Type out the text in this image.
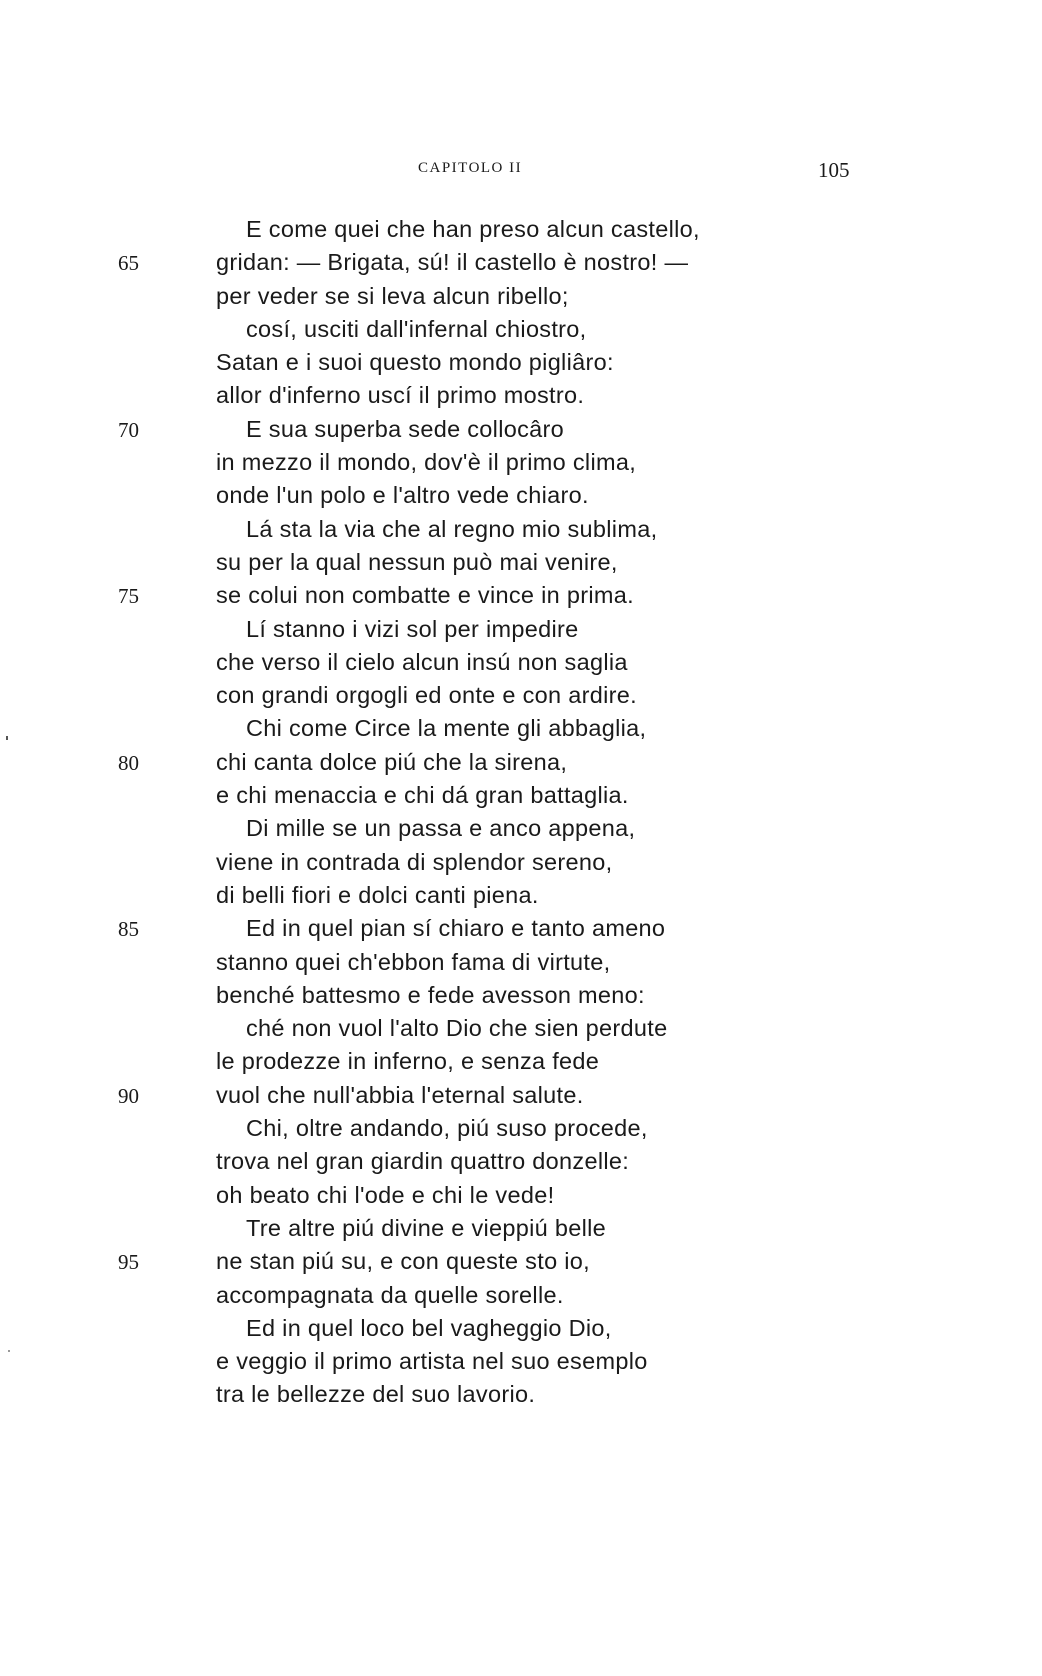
CAPITOLO II	105
E come quei che han preso alcun castello,
65	gridan: — Brigata, sú! il castello è nostro! —
per veder se si leva alcun ribello;
cosí, usciti dall'infernal chiostro,
Satan e i suoi questo mondo pigliâro:
allor d'inferno uscí il primo mostro.
70	E sua superba sede collocâro
in mezzo il mondo, dov'è il primo clima,
onde l'un polo e l'altro vede chiaro.
Lá sta la via che al regno mio sublima,
su per la qual nessun può mai venire,
75	se colui non combatte e vince in prima.
Lí stanno i vizi sol per impedire
che verso il cielo alcun insú non saglia
con grandi orgogli ed onte e con ardire.
Chi come Circe la mente gli abbaglia,
80	chi canta dolce piú che la sirena,
e chi menaccia e chi dá gran battaglia.
Di mille se un passa e anco appena,
viene in contrada di splendor sereno,
di belli fiori e dolci canti piena.
85	Ed in quel pian sí chiaro e tanto ameno
stanno quei ch'ebbon fama di virtute,
benché battesmo e fede avesson meno:
ché non vuol l'alto Dio che sien perdute
le prodezze in inferno, e senza fede
90	vuol che null'abbia l'eternal salute.
Chi, oltre andando, piú suso procede,
trova nel gran giardin quattro donzelle:
oh beato chi l'ode e chi le vede!
Tre altre piú divine e vieppiú belle
95	ne stan piú su, e con queste sto io,
accompagnata da quelle sorelle.
Ed in quel loco bel vagheggio Dio,
e veggio il primo artista nel suo esemplo
tra le bellezze del suo lavorio.
